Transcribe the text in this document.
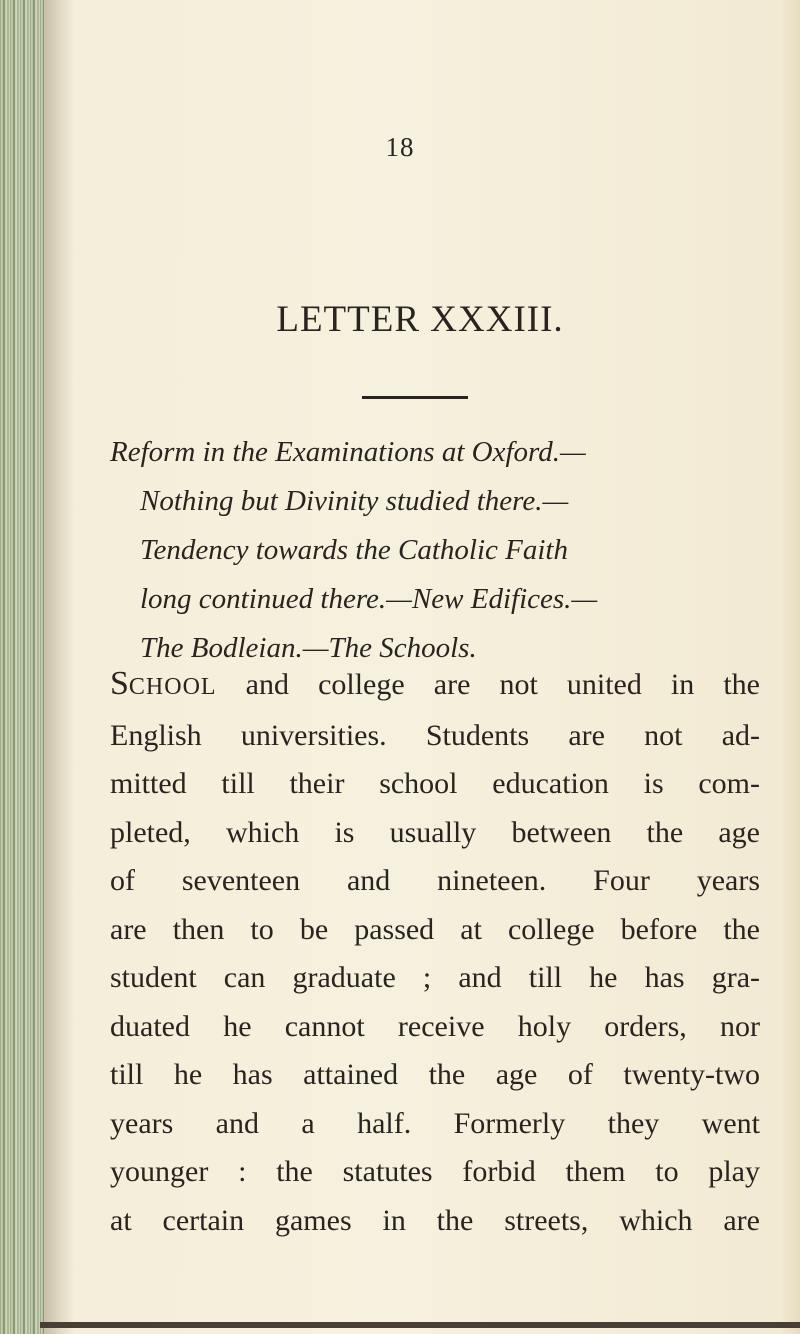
18
LETTER XXXIII.
Reform in the Examinations at Oxford.—
Nothing but Divinity studied there.—
Tendency towards the Catholic Faith
long continued there.—New Edifices.—
The Bodleian.—The Schools.
SCHOOL and college are not united in the
English universities. Students are not ad-
mitted till their school education is com-
pleted, which is usually between the age
of seventeen and nineteen. Four years
are then to be passed at college before the
student can graduate ; and till he has gra-
duated he cannot receive holy orders, nor
till he has attained the age of twenty-two
years and a half. Formerly they went
younger : the statutes forbid them to play
at certain games in the streets, which are
